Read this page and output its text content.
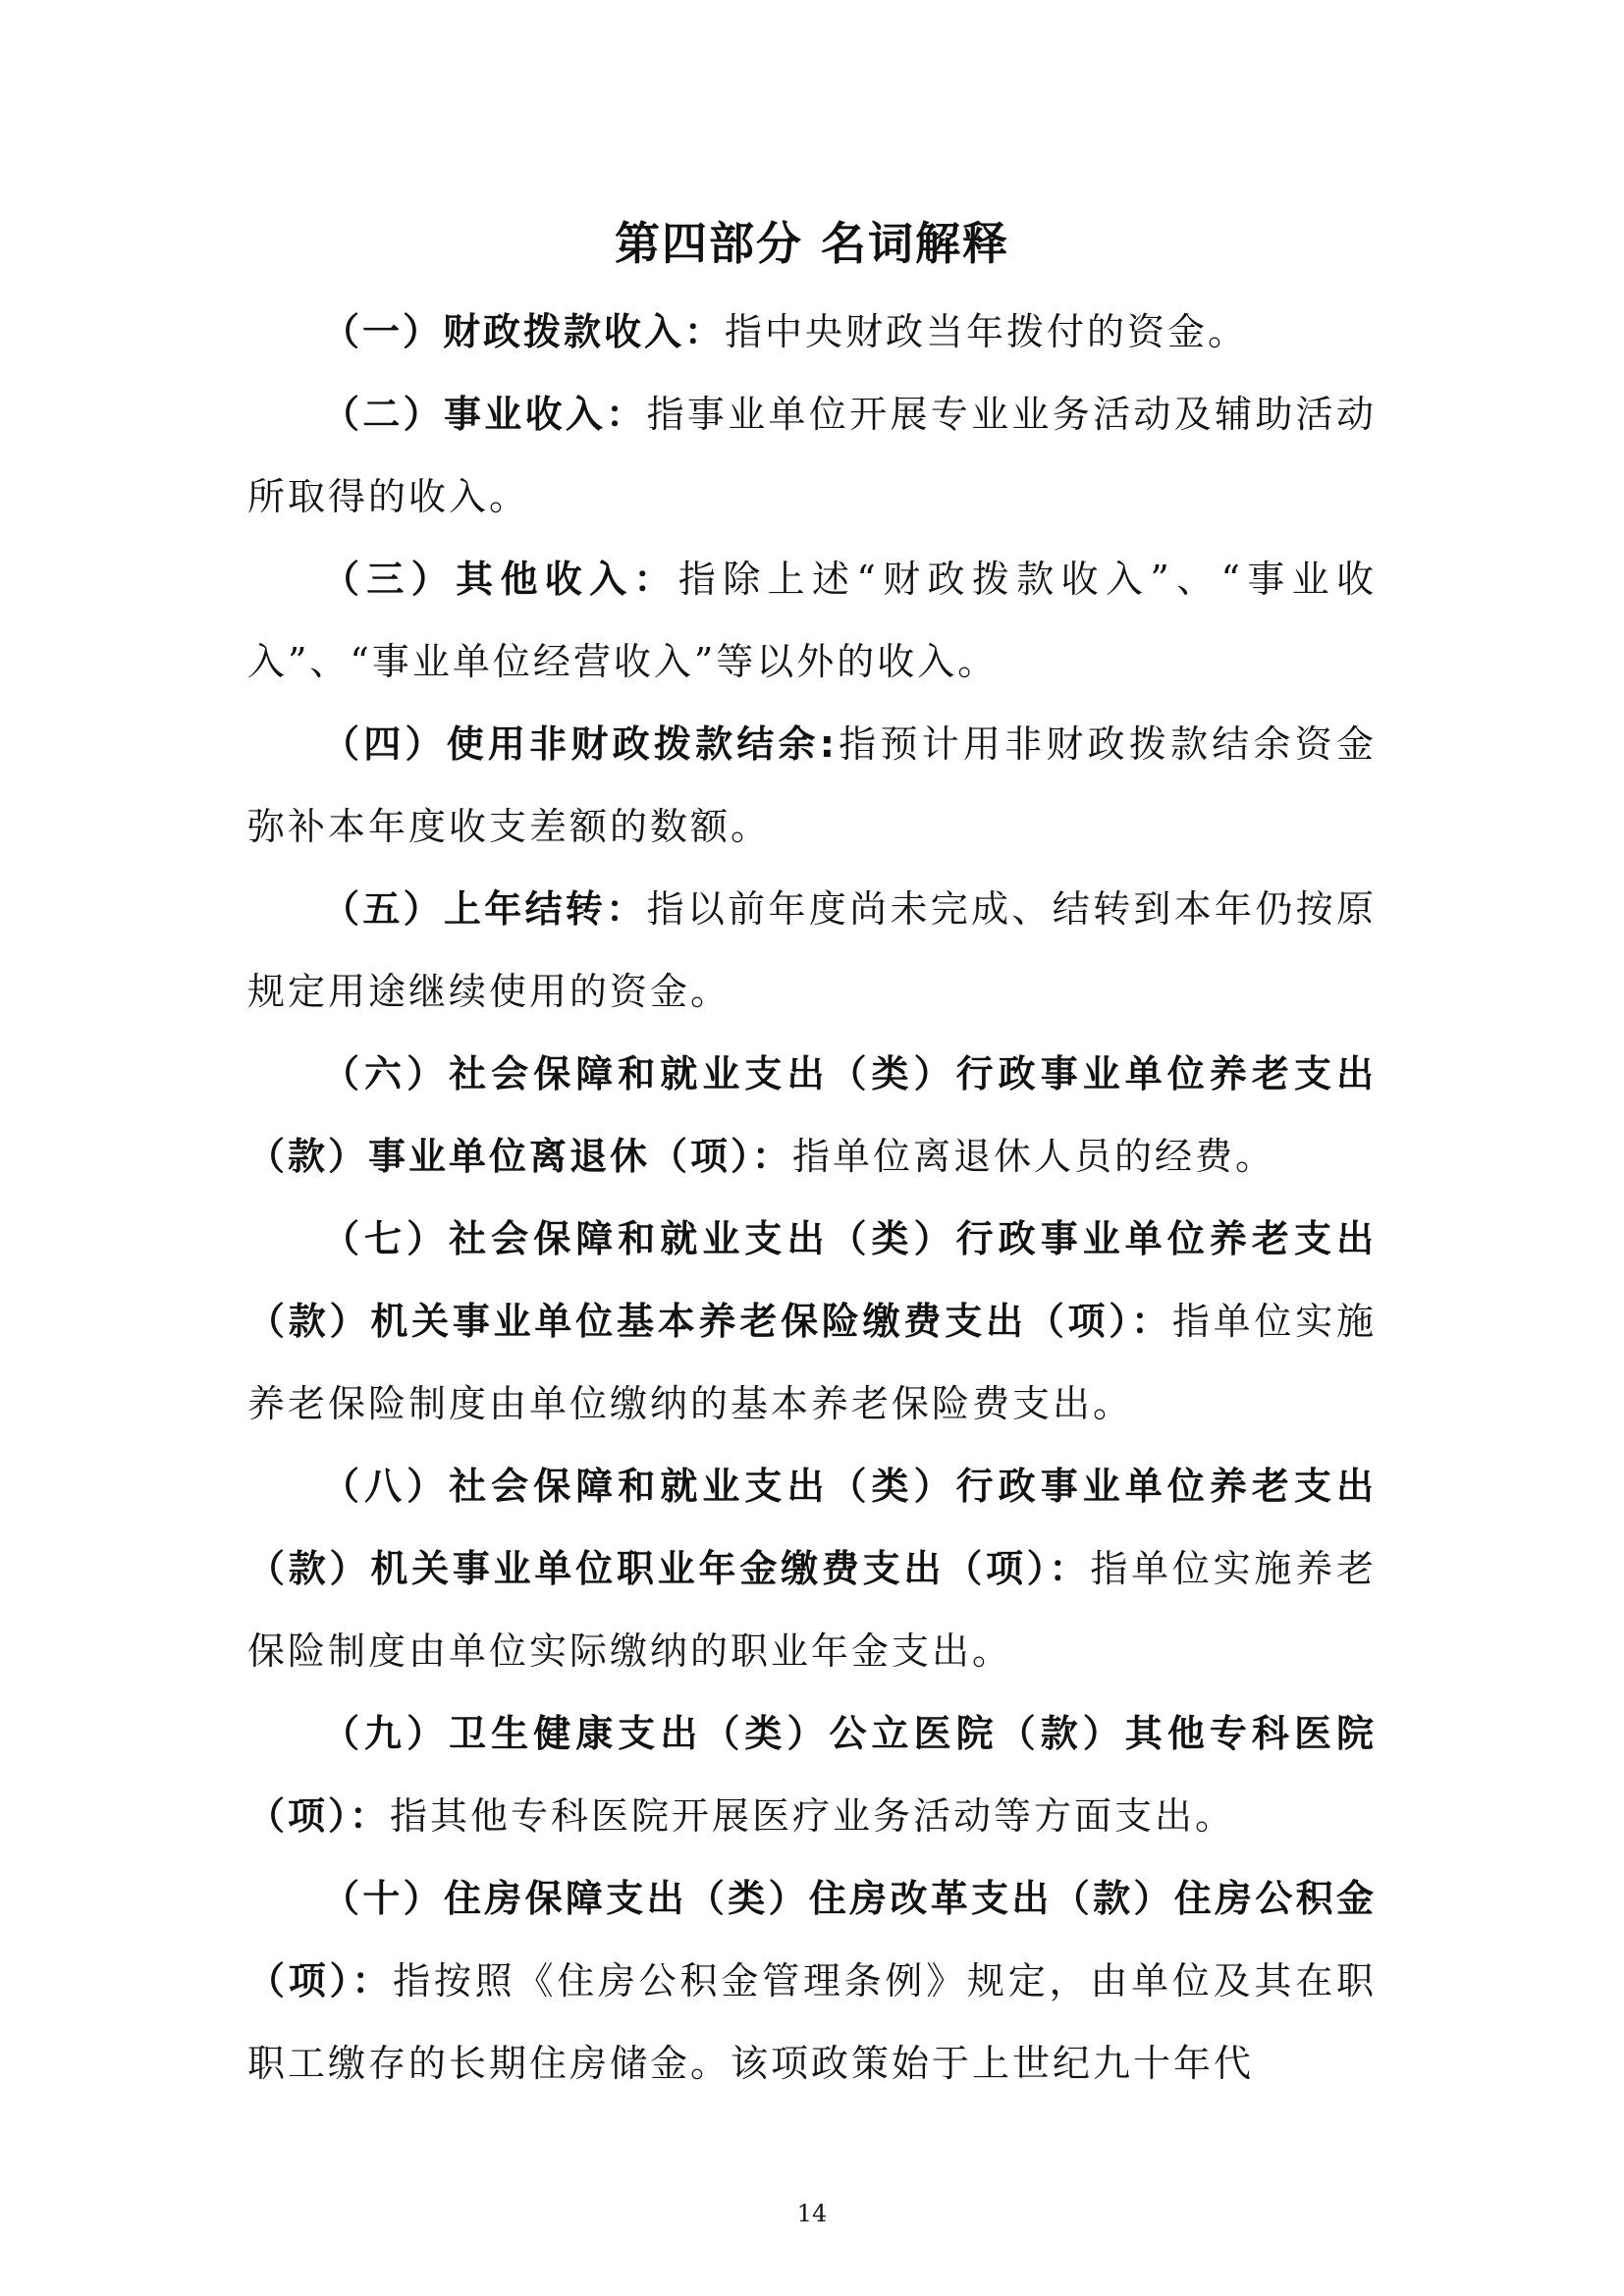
第四部分 名词解释

（一）财政拨款收入：指中央财政当年拨付的资金。

（二）事业收入：指事业单位开展专业业务活动及辅助活动所取得的收入。

（三）其他收入：指除上述“财政拨款收入”、“事业收入”、“事业单位经营收入”等以外的收入。

（四）使用非财政拨款结余:指预计用非财政拨款结余资金弥补本年度收支差额的数额。

（五）上年结转：指以前年度尚未完成、结转到本年仍按原规定用途继续使用的资金。

（六）社会保障和就业支出（类）行政事业单位养老支出（款）事业单位离退休（项）：指单位离退休人员的经费。

（七）社会保障和就业支出（类）行政事业单位养老支出（款）机关事业单位基本养老保险缴费支出（项）：指单位实施养老保险制度由单位缴纳的基本养老保险费支出。

（八）社会保障和就业支出（类）行政事业单位养老支出（款）机关事业单位职业年金缴费支出（项）：指单位实施养老保险制度由单位实际缴纳的职业年金支出。

（九）卫生健康支出（类）公立医院（款）其他专科医院（项）：指其他专科医院开展医疗业务活动等方面支出。

（十）住房保障支出（类）住房改革支出（款）住房公积金（项）：指按照《住房公积金管理条例》规定，由单位及其在职职工缴存的长期住房储金。该项政策始于上世纪九十年代

14
